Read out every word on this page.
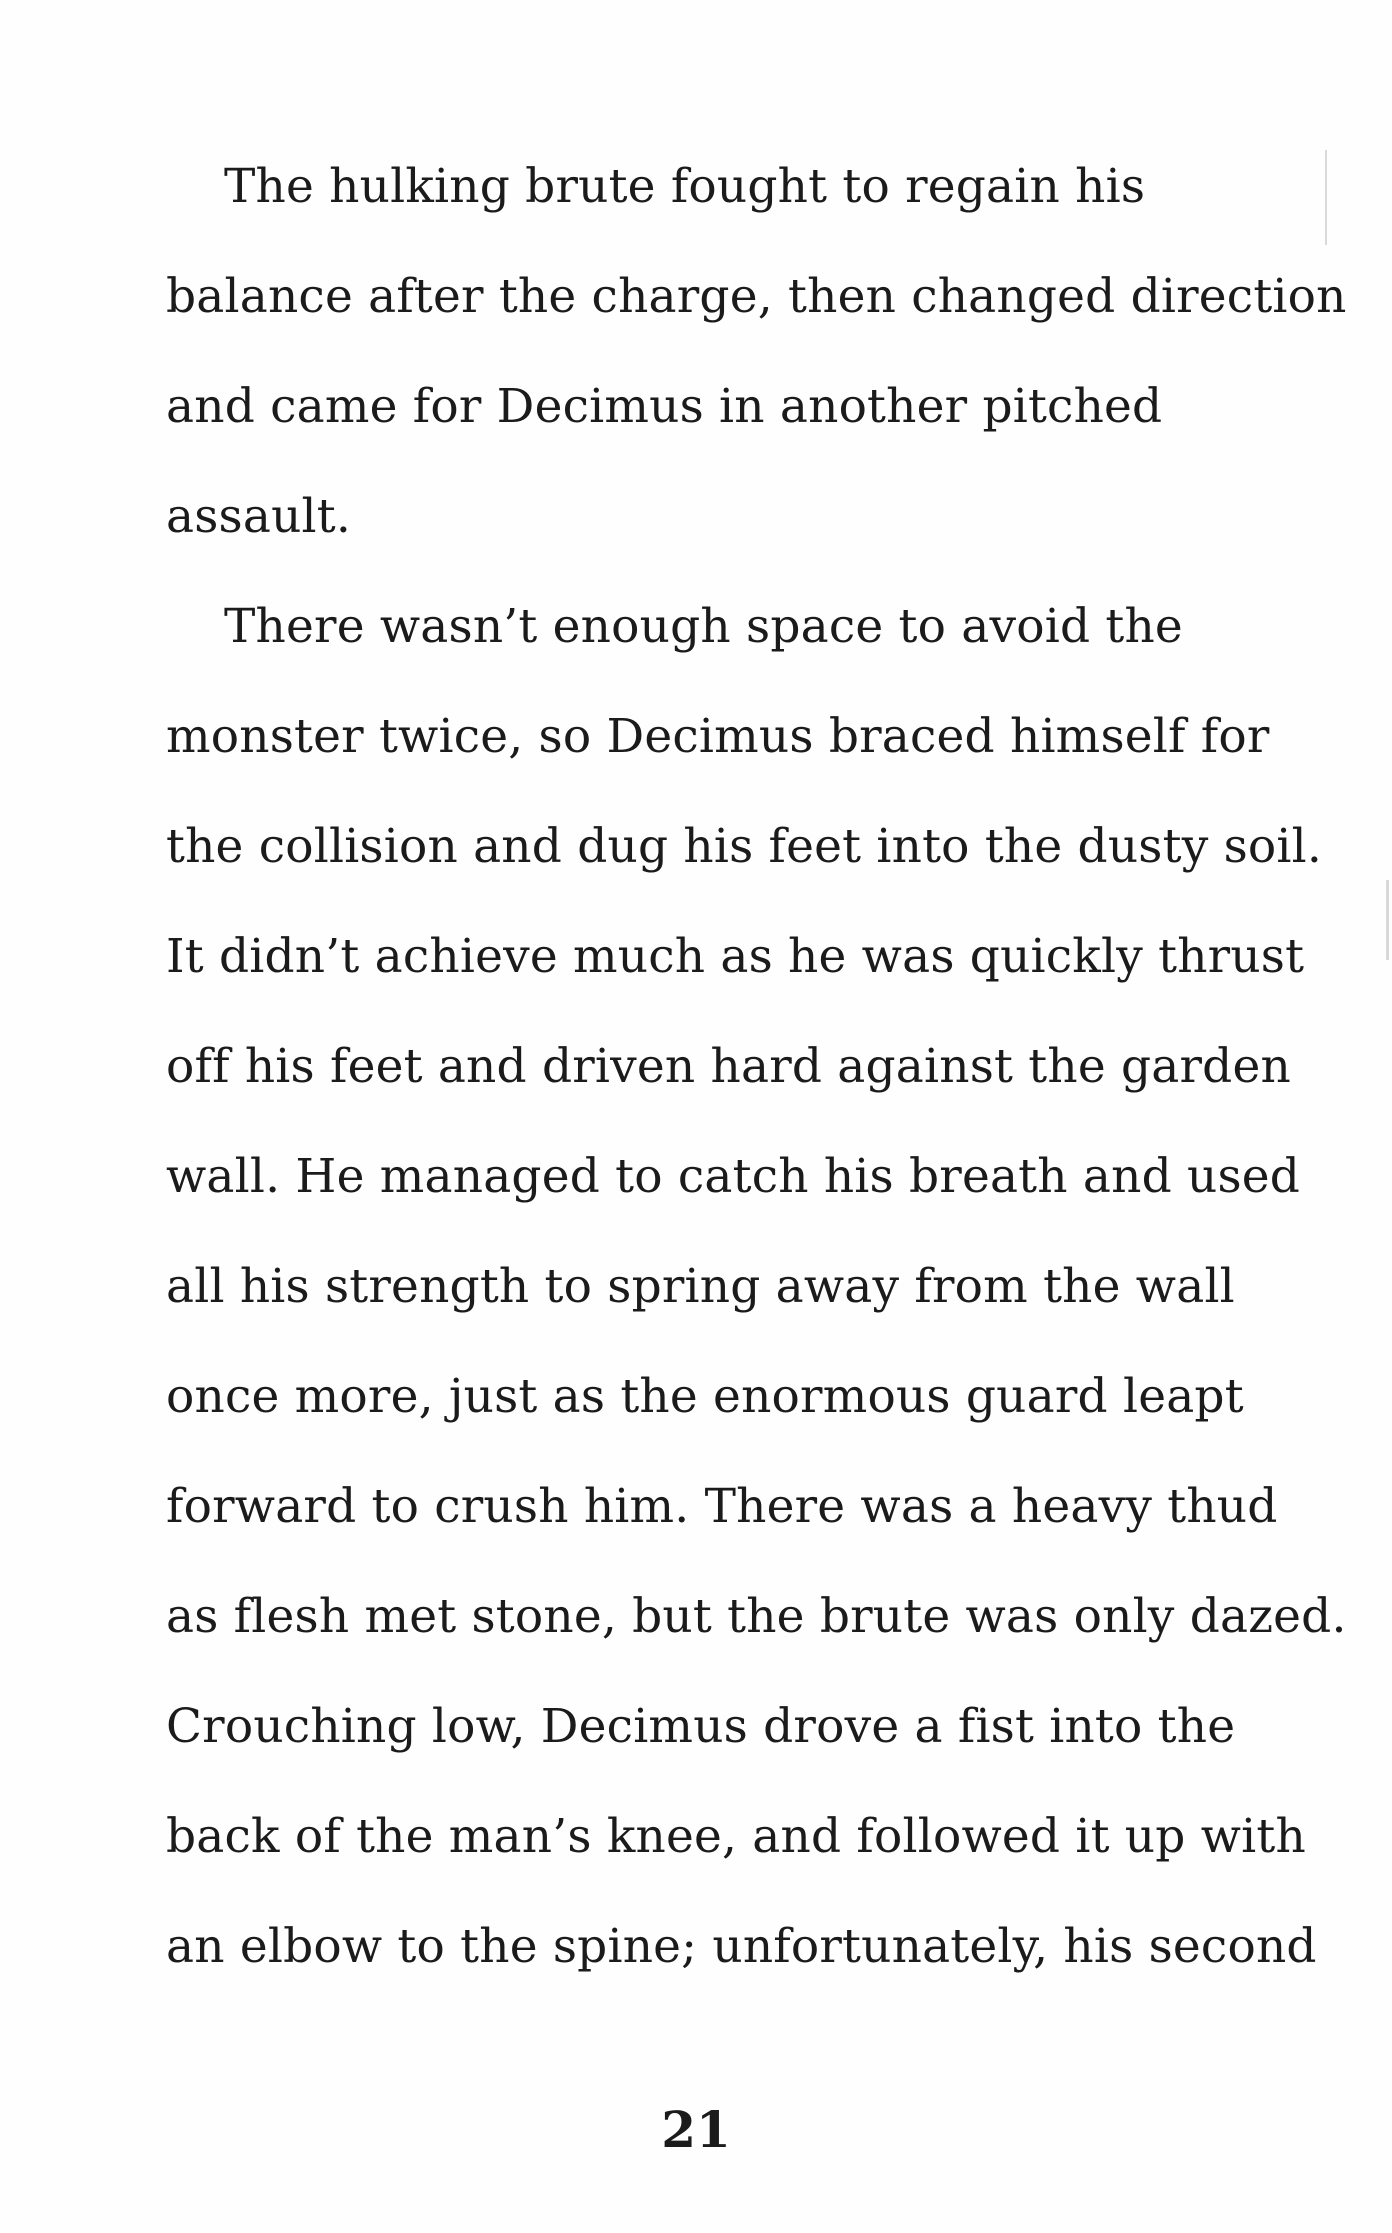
The hulking brute fought to regain his
balance after the charge, then changed direction
and came for Decimus in another pitched
assault.
There wasn’t enough space to avoid the
monster twice, so Decimus braced himself for
the collision and dug his feet into the dusty soil.
It didn’t achieve much as he was quickly thrust
off his feet and driven hard against the garden
wall. He managed to catch his breath and used
all his strength to spring away from the wall
once more, just as the enormous guard leapt
forward to crush him. There was a heavy thud
as flesh met stone, but the brute was only dazed.
Crouching low, Decimus drove a fist into the
back of the man’s knee, and followed it up with
an elbow to the spine; unfortunately, his second
21
